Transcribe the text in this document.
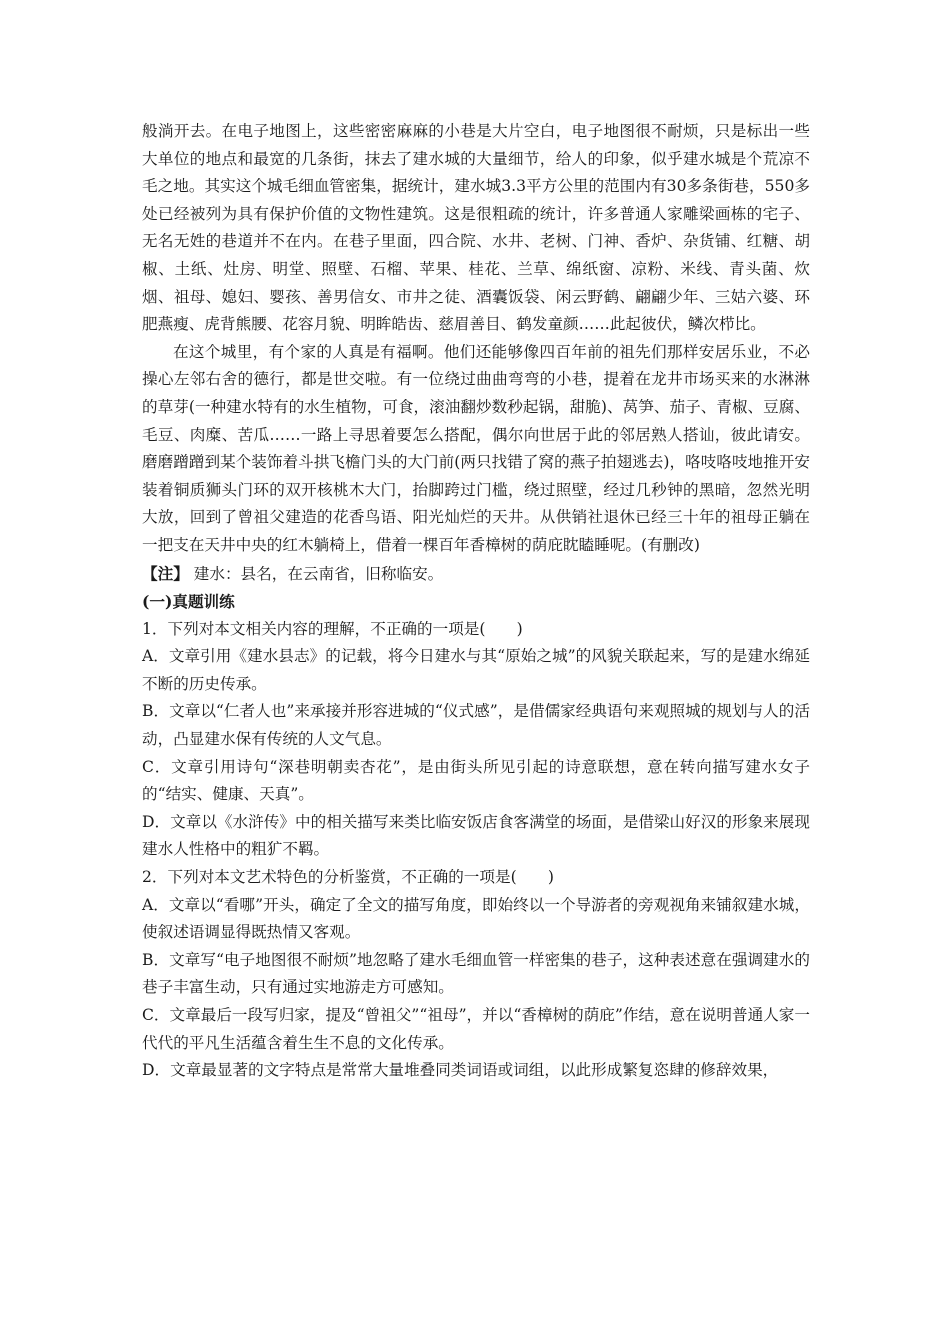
般淌开去。在电子地图上，这些密密麻麻的小巷是大片空白，电子地图很不耐烦，只是标出一些大单位的地点和最宽的几条街，抹去了建水城的大量细节，给人的印象，似乎建水城是个荒凉不毛之地。其实这个城毛细血管密集，据统计，建水城3.3平方公里的范围内有30多条街巷，550多处已经被列为具有保护价值的文物性建筑。这是很粗疏的统计，许多普通人家雕梁画栋的宅子、无名无姓的巷道并不在内。在巷子里面，四合院、水井、老树、门神、香炉、杂货铺、红糖、胡椒、土纸、灶房、明堂、照壁、石榴、苹果、桂花、兰草、绵纸窗、凉粉、米线、青头菌、炊烟、祖母、媳妇、婴孩、善男信女、市井之徒、酒囊饭袋、闲云野鹤、翩翩少年、三姑六婆、环肥燕瘦、虎背熊腰、花容月貌、明眸皓齿、慈眉善目、鹤发童颜……此起彼伏，鳞次栉比。

在这个城里，有个家的人真是有福啊。他们还能够像四百年前的祖先们那样安居乐业，不必操心左邻右舍的德行，都是世交啦。有一位绕过曲曲弯弯的小巷，提着在龙井市场买来的水淋淋的草芽(一种建水特有的水生植物，可食，滚油翻炒数秒起锅，甜脆)、莴笋、茄子、青椒、豆腐、毛豆、肉糜、苦瓜……一路上寻思着要怎么搭配，偶尔向世居于此的邻居熟人搭讪，彼此请安。磨磨蹭蹭到某个装饰着斗拱飞檐门头的大门前(两只找错了窝的燕子拍翅逃去)，咯吱咯吱地推开安装着铜质狮头门环的双开核桃木大门，抬脚跨过门槛，绕过照壁，经过几秒钟的黑暗，忽然光明大放，回到了曾祖父建造的花香鸟语、阳光灿烂的天井。从供销社退休已经三十年的祖母正躺在一把支在天井中央的红木躺椅上，借着一棵百年香樟树的荫庇眈瞌睡呢。(有删改)

【注】 建水：县名，在云南省，旧称临安。

(一)真题训练

1．下列对本文相关内容的理解，不正确的一项是(　　)

A．文章引用《建水县志》的记载，将今日建水与其“原始之城”的风貌关联起来，写的是建水绵延不断的历史传承。

B．文章以“仁者人也”来承接并形容进城的“仪式感”，是借儒家经典语句来观照城的规划与人的活动，凸显建水保有传统的人文气息。

C．文章引用诗句“深巷明朝卖杏花”，是由街头所见引起的诗意联想，意在转向描写建水女子的“结实、健康、天真”。

D．文章以《水浒传》中的相关描写来类比临安饭店食客满堂的场面，是借梁山好汉的形象来展现建水人性格中的粗犷不羁。

2．下列对本文艺术特色的分析鉴赏，不正确的一项是(　　)

A．文章以“看哪”开头，确定了全文的描写角度，即始终以一个导游者的旁观视角来铺叙建水城，使叙述语调显得既热情又客观。

B．文章写“电子地图很不耐烦”地忽略了建水毛细血管一样密集的巷子，这种表述意在强调建水的巷子丰富生动，只有通过实地游走方可感知。

C．文章最后一段写归家，提及“曾祖父”“祖母”，并以“香樟树的荫庇”作结，意在说明普通人家一代代的平凡生活蕴含着生生不息的文化传承。

D．文章最显著的文字特点是常常大量堆叠同类词语或词组，以此形成繁复恣肆的修辞效果，
